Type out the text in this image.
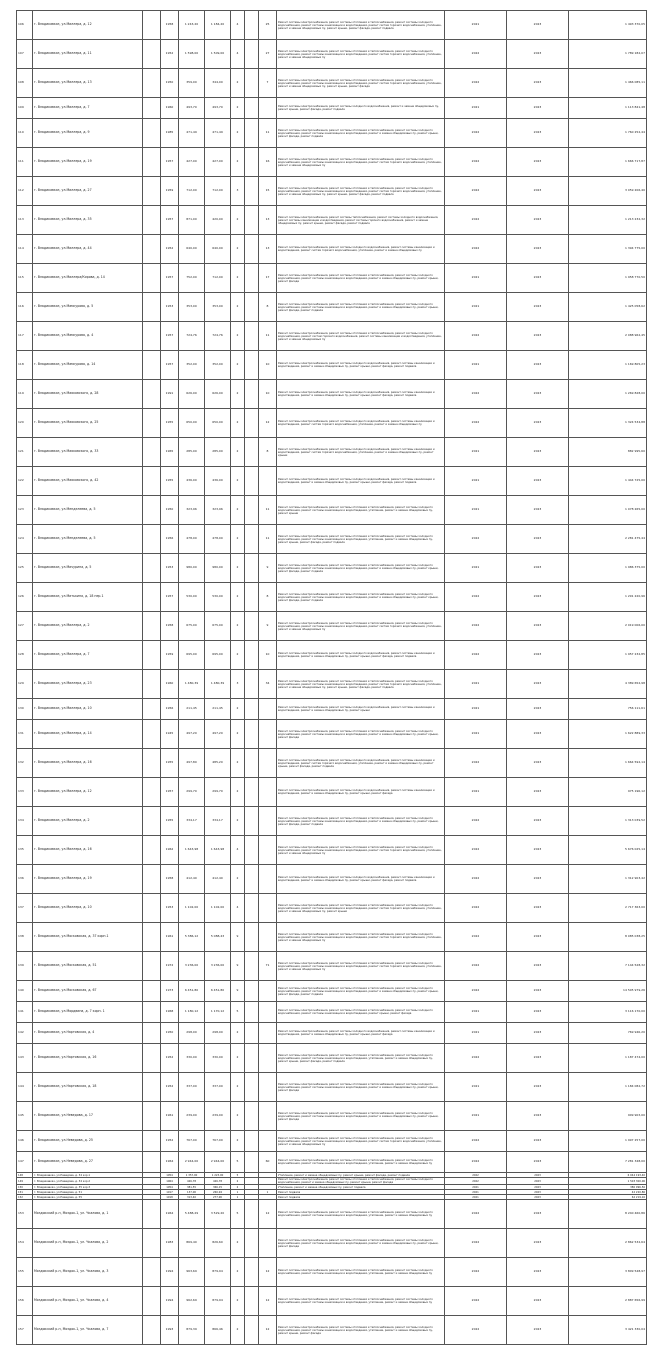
106	г. Владикавказ, ул.Миллера, д. 12		1958	1 243,20	1 184,20	4		25	Ремонт системы электроснабжения, ремонт системы отопления и теплоснабжения, ремонт системы холодного водоснабжения, ремонт системы канализации и водоотведения, ремонт систем горячего водоснабжения, утепление, ремонт и замена общедомовых пу, ремонт крыши, ремонт фасада, ремонт подвала	2021	2023	1 493 370,05
107	г. Владикавказ, ул.Миллера, д. 11		1952	1 598,00	1 509,00	4		27	Ремонт системы электроснабжения, ремонт системы отопления и теплоснабжения, ремонт системы холодного водоснабжения, ремонт системы канализации и водоотведения, ремонт систем горячего водоснабжения, утепление, ремонт и замена общедомовых пу	2022	2023	1 789 182,07
108	г. Владикавказ, ул.Миллера, д. 13		1950	359,00	344,00	2		7	Ремонт системы электроснабжения, ремонт системы отопления и теплоснабжения, ремонт системы холодного водоснабжения, ремонт системы канализации и водоотведения, ремонт систем горячего водоснабжения, утепление, ремонт и замена общедомовых пу, ремонт крыши, ремонт фасада	2022	2023	1 466 085,11
109	г. Владикавказ, ул.Миллера, д. 7		1960	493,70	493,70	2			Ремонт системы электроснабжения, ремонт системы холодного водоснабжения, ремонт и замена общедомовых пу, ремонт крыши, ремонт фасада, ремонт подвала	2021	2023	1 113 841,48
110	г. Владикавказ, ул.Миллера, д. 9		1985	471,49	471,49	2		11	Ремонт системы электроснабжения, ремонт системы отопления и теплоснабжения, ремонт системы холодного водоснабжения, ремонт системы канализации и водоотведения, ремонт и замена общедомовых пу, ремонт крыши, ремонт фасада, ремонт подвала	2022	2023	1 760 252,44
111	г. Владикавказ, ул.Миллера, д. 19		1957	427,00	427,00	2		16	Ремонт системы электроснабжения, ремонт системы отопления и теплоснабжения, ремонт системы холодного водоснабжения, ремонт системы канализации и водоотведения, ремонт систем горячего водоснабжения, утепление, ремонт и замена общедомовых пу	2022	2023	1 666 717,87
112	г. Владикавказ, ул.Миллера, д. 27		1959	712,00	712,00	3		15	Ремонт системы электроснабжения, ремонт системы отопления и теплоснабжения, ремонт системы холодного водоснабжения, ремонт системы канализации и водоотведения, ремонт систем горячего водоснабжения, утепление, ремонт и замена общедомовых пу, ремонт крыши, ремонт фасада, ремонт подвала	2022	2023	3 059 206,40
113	г. Владикавказ, ул.Миллера, д. 35		1957	871,00	420,00	2		13	Ремонт системы электроснабжения, ремонт системы теплоснабжения, ремонт системы холодного водоснабжения, ремонт системы канализации и водоотведения, ремонт системы горячего водоснабжения, ремонт и замена общедомовых пу, ремонт крыши, ремонт фасада, ремонт подвала	2022	2023	1 213 232,32
114	г. Владикавказ, ул.Миллера, д. 44		1952	640,00	640,00	2		13	Ремонт системы электроснабжения, ремонт системы холодного водоснабжения, ремонт системы канализации и водоотведения, ремонт систем горячего водоснабжения, утепление, ремонт и замена общедомовых пу	2022	2023	1 394 775,00
115	г. Владикавказ, ул.Миллера/Кирова, д. 14		1957	752,00	712,00	2		17	Ремонт системы электроснабжения, ремонт системы отопления и теплоснабжения, ремонт системы холодного водоснабжения, ремонт системы канализации и водоотведения, ремонт и замена общедомовых пу, ремонт крыши, ремонт фасада	2021	2023	1 958 770,50
116	г. Владикавказ, ул.Мамсурова, д. 5		1953	353,00	353,00	2		8	Ремонт системы электроснабжения, ремонт системы отопления и теплоснабжения, ремонт системы холодного водоснабжения, ремонт системы канализации и водоотведения, ремонт и замена общедомовых пу, ремонт крыши, ремонт фасада, ремонт подвала	2021	2023	1 425 058,62
117	г. Владикавказ, ул.Мамсурова, д. 4		1957	724,76	724,76	2		11	Ремонт системы электроснабжения, ремонт системы отопления и теплоснабжения, ремонт системы холодного водоснабжения, ремонт систем горячего водоснабжения, ремонт системы канализации и водоотведения, утепление, ремонт и замена общедомовых пу	2022	2023	2 088 962,45
118	г. Владикавказ, ул.Мамсурова, д. 14		1957	352,00	352,00	2		10	Ремонт системы электроснабжения, ремонт системы холодного водоснабжения, ремонт системы канализации и водоотведения, ремонт и замена общедомовых пу, ремонт крыши, ремонт фасада, ремонт подвала	2021	2023	1 169 805,23
119	г. Владикавказ, ул.Маяковского, д. 28		1991	626,00	626,00	2		10	Ремонт системы электроснабжения, ремонт системы холодного водоснабжения, ремонт системы канализации и водоотведения, ремонт и замена общедомовых пу, ремонт крыши, ремонт фасада, ремонт подвала	2022	2023	1 269 828,00
120	г. Владикавказ, ул.Маяковского, д. 25		1955	650,00	650,00	2		12	Ремонт системы электроснабжения, ремонт системы холодного водоснабжения, ремонт системы канализации и водоотведения, ремонт систем горячего водоснабжения, утепление, ремонт и замена общедомовых пу	2022	2023	1 324 534,88
121	г. Владикавказ, ул.Маяковского, д. 33		1965	285,00	285,00	2		8	Ремонт системы электроснабжения, ремонт системы холодного водоснабжения, ремонт системы канализации и водоотведения, ремонт систем горячего водоснабжения, утепление, ремонт и замена общедомовых пу, ремонт крыши	2021	2023	882 995,60
122	г. Владикавказ, ул.Маяковского, д. 42		1955	436,00	436,00	2			Ремонт системы электроснабжения, ремонт системы холодного водоснабжения, ремонт системы канализации и водоотведения, ремонт и замена общедомовых пу, ремонт крыши, ремонт фасада, ремонт подвала	2021	2023	1 444 725,00
123	г. Владикавказ, ул.Менделеева, д. 5		1950	323,96	323,96	2		11	Ремонт системы электроснабжения, ремонт системы отопления и теплоснабжения, ремонт системы холодного водоснабжения, ремонт системы канализации и водоотведения, утепление, ремонт и замена общедомовых пу, ремонт крыши	2021	2023	1 078 265,00
124	г. Владикавказ, ул.Менделеева, д. 5		1956	478,00	478,00	2		11	Ремонт системы электроснабжения, ремонт системы отопления и теплоснабжения, ремонт системы холодного водоснабжения, ремонт системы канализации и водоотведения, утепление, ремонт и замена общедомовых пу, ремонт крыши, ремонт фасада, ремонт подвала	2022	2023	2 281 475,44
125	г. Владикавказ, ул.Мичурина, д. 5		1953	980,00	980,00	2		9	Ремонт системы электроснабжения, ремонт системы отопления и теплоснабжения, ремонт системы холодного водоснабжения, ремонт системы канализации и водоотведения, ремонт и замена общедомовых пу, ремонт крыши, ремонт фасада, ремонт подвала	2021	2023	1 986 375,00
126	г. Владикавказ, ул.Митькина, д. 18 пер.1		1957	530,00	530,00	2		8	Ремонт системы электроснабжения, ремонт системы отопления и теплоснабжения, ремонт системы холодного водоснабжения, ремонт системы канализации и водоотведения, ремонт и замена общедомовых пу, ремонт крыши, ремонт фасада, ремонт подвала	2022	2023	1 291 220,96
127	г. Владикавказ, ул.Миллера, д. 2		1958	675,00	675,00	2		9	Ремонт системы электроснабжения, ремонт системы отопления и теплоснабжения, ремонт системы холодного водоснабжения, ремонт системы канализации и водоотведения, ремонт систем горячего водоснабжения, утепление, ремонт и замена общедомовых пу	2022	2023	2 019 006,00
128	г. Владикавказ, ул.Миллера, д. 7		1959	695,00	695,00	2		10	Ремонт системы электроснабжения, ремонт системы холодного водоснабжения, ремонт системы канализации и водоотведения, ремонт и замена общедомовых пу, ремонт крыши, ремонт фасада, ремонт подвала	2022	2023	1 957 232,85
129	г. Владикавказ, ул.Миллера, д. 23		1960	1 480,39	1 480,39	3		34	Ремонт системы электроснабжения, ремонт системы отопления и теплоснабжения, ремонт системы холодного водоснабжения, ремонт системы канализации и водоотведения, ремонт систем горячего водоснабжения, утепление, ремонт и замена общедомовых пу, ремонт крыши, ремонт фасада, ремонт подвала	2021	2023	4 389 652,98
130	г. Владикавказ, ул.Миллера, д. 10		1956	211,45	211,45	2			Ремонт системы электроснабжения, ремонт системы холодного водоснабжения, ремонт системы канализации и водоотведения, ремонт и замена общедомовых пу, ремонт крыши	2021	2023	756 111,61
131	г. Владикавказ, ул.Миллера, д. 14		1945	497,20	497,20	2			Ремонт системы электроснабжения, ремонт системы отопления и теплоснабжения, ремонт системы холодного водоснабжения, ремонт системы канализации и водоотведения, ремонт и замена общедомовых пу, ремонт крыши, ремонт фасада	2021	2023	1 622 889,33
132	г. Владикавказ, ул.Миллера, д. 16		1955	497,80	485,20	2			Ремонт системы электроснабжения, ремонт системы холодного водоснабжения, ремонт системы канализации и водоотведения, ремонт систем горячего водоснабжения, утепление, ремонт и замена общедомовых пу, ремонт крыши, ремонт фасада, ремонт подвала	2022	2023	1 664 592,14
133	г. Владикавказ, ул.Миллера, д. 12		1957	299,70	299,70	2			Ремонт системы электроснабжения, ремонт системы холодного водоснабжения, ремонт системы канализации и водоотведения, ремонт и замена общедомовых пу, ремонт крыши, ремонт фасада	2021	2023	975 196,12
134	г. Владикавказ, ул.Миллера, д. 2		1955	334,17	334,17	2			Ремонт системы электроснабжения, ремонт системы отопления и теплоснабжения, ремонт системы холодного водоснабжения, ремонт системы канализации и водоотведения, ремонт и замена общедомовых пу, ремонт крыши, ремонт фасада, ремонт подвала	2022	2023	1 313 039,52
135	г. Владикавказ, ул.Миллера, д. 16		1962	1 643,98	1 643,98	4			Ремонт системы электроснабжения, ремонт системы отопления и теплоснабжения, ремонт системы холодного водоснабжения, ремонт системы канализации и водоотведения, ремонт систем горячего водоснабжения, утепление, ремонт и замена общедомовых пу	2022	2023	5 676 025,14
136	г. Владикавказ, ул.Миллера, д. 19		1958	412,40	412,40	2			Ремонт системы электроснабжения, ремонт системы холодного водоснабжения, ремонт системы канализации и водоотведения, ремонт и замена общедомовых пу, ремонт крыши, ремонт фасада, ремонт подвала	2022	2023	1 312 903,42
137	г. Владикавказ, ул.Миллера, д. 10		1953	1 102,00	1 102,00	4			Ремонт системы электроснабжения, ремонт системы отопления и теплоснабжения, ремонт системы холодного водоснабжения, ремонт системы канализации и водоотведения, ремонт систем горячего водоснабжения, утепление, ремонт и замена общедомовых пу, ремонт крыши	2022	2023	2 717 363,00
138	г. Владикавказ, ул.Московская, д. 37 корп.1		1961	5 386,12	5 088,43	9			Ремонт системы электроснабжения, ремонт системы отопления и теплоснабжения, ремонт системы холодного водоснабжения, ремонт системы канализации и водоотведения, ремонт систем горячего водоснабжения, утепление, ремонт и замена общедомовых пу	2022	2023	8 085 038,25
139	г. Владикавказ, ул.Московская, д. 51		1972	3 236,00	3 236,00	9		71	Ремонт системы электроснабжения, ремонт системы отопления и теплоснабжения, ремонт системы холодного водоснабжения, ремонт системы канализации и водоотведения, ремонт систем горячего водоснабжения, утепление, ремонт и замена общедомовых пу	2022	2023	7 144 528,32
140	г. Владикавказ, ул.Московская, д. 67		1973	6 451,80	6 451,80	9			Ремонт системы электроснабжения, ремонт системы отопления и теплоснабжения, ремонт системы холодного водоснабжения, ремонт системы канализации и водоотведения, ремонт и замена общедомовых пу, ремонт крыши, ремонт фасада, ремонт подвала	2022	2023	14 505 979,26
141	г. Владикавказ, ул.Мордвина, д. 7 корп. 1		1968	1 180,12	1 170,12	5			Ремонт системы электроснабжения, ремонт системы отопления и теплоснабжения, ремонт системы холодного водоснабжения, ремонт системы канализации и водоотведения, ремонт крыши, ремонт фасада	2021	2023	3 116 170,00
142	г. Владикавказ, ул.Нартовская, д. 4		1950	298,00	298,00	2			Ремонт системы электроснабжения, ремонт системы холодного водоснабжения, ремонт системы канализации и водоотведения, ремонт и замена общедомовых пу, ремонт крыши, ремонт фасада	2021	2023	769 946,20
143	г. Владикавказ, ул.Нартовская, д. 16		1952	330,00	330,00	2			Ремонт системы электроснабжения, ремонт системы отопления и теплоснабжения, ремонт системы холодного водоснабжения, ремонт системы канализации и водоотведения, утепление, ремонт и замена общедомовых пу, ремонт крыши, ремонт фасада, ремонт подвала	2022	2023	1 187 474,00
144	г. Владикавказ, ул.Нартовская, д. 18		1952	337,00	337,00	2			Ремонт системы электроснабжения, ремонт системы отопления и теплоснабжения, ремонт системы холодного водоснабжения, ремонт системы канализации и водоотведения, ремонт и замена общедомовых пу, ремонт крыши, ремонт фасада	2021	2023	1 184 082,72
145	г. Владикавказ, ул.Неведова, д. 17		1961	239,00	239,00	2			Ремонт системы электроснабжения, ремонт системы отопления и теплоснабжения, ремонт системы холодного водоснабжения, ремонт системы канализации и водоотведения, ремонт и замена общедомовых пу, ремонт крыши, ремонт фасада	2021	2023	909 903,00
146	г. Владикавказ, ул.Неведова, д. 25		1952	767,00	767,00	2			Ремонт системы электроснабжения, ремонт системы отопления и теплоснабжения, ремонт системы холодного водоснабжения, ремонт системы канализации и водоотведения, ремонт систем горячего водоснабжения, утепление, ремонт и замена общедомовых пу	2022	2023	1 997 257,00
147	г. Владикавказ, ул.Неведова, д. 27		1964	2 944,00	2 944,00	5		60	Ремонт системы электроснабжения, ремонт системы отопления и теплоснабжения, ремонт системы холодного водоснабжения, ремонт системы канализации и водоотведения, утепление, ремонт и замена общедомовых пу	2022	2023	7 281 348,00
148	г. Владикавказ, ул.Неведова, д. 34 кор.1		1954	1 357,00	1 223,00	5			Утепление, ремонт и замена общедомовых пу, ремонт крыши, ремонт фасада, ремонт подвала	2022	2023	6 044 193,40
149	г. Владикавказ, ул.Неведова, д. 34 кор.2		1964	426,78	426,78	2			Ремонт системы электроснабжения, ремонт системы отопления и теплоснабжения, ремонт системы холодного водоснабжения, ремонт и замена общедомовых пу, ремонт крыши, ремонт фасада	2022	2023	1 503 300,06
150	г. Владикавказ, ул.Неведова, д. 35 кор.3		1954	381,55	366,15	2			Утепление, ремонт и замена общедомовых пу, ремонт подвала	2021	2023	380 996,56
151	г. Владикавказ, ул.Неведова, д. 51		1917	137,00	260,94	1		1	Ремонт подвала	2021	2023	42 220,86
152	г. Владикавказ, ул.Неведова, д. 55		1918	313,40	277,90	1			Ремонт подвала	2021	2023	62 219,16
153	Моздокский р-н, Моздок-1, ул. Чкалова, д. 1		1964	5 488,29	3 529,20	5		12	Ремонт системы электроснабжения, ремонт системы отопления и теплоснабжения, ремонт системы холодного водоснабжения, ремонт системы канализации и водоотведения, утепление, ремонт и замена общедомовых пу	2022	2023	8 240 460,86
154	Моздокский р-н, Моздок-1, ул. Чкалова, д. 2		1983	869,40	826,60	2			Ремонт системы электроснабжения, ремонт системы отопления и теплоснабжения, ремонт системы холодного водоснабжения, ремонт системы канализации и водоотведения, ремонт и замена общедомовых пу, ремонт крыши, ремонт фасада	2022	2023	2 862 532,64
155	Моздокский р-н, Моздок-1, ул. Чкалова, д. 3		1994	963,69	879,94	2		12	Ремонт системы электроснабжения, ремонт системы отопления и теплоснабжения, ремонт системы холодного водоснабжения, ремонт системы канализации и водоотведения, утепление, ремонт и замена общедомовых пу	2022	2023	3 809 548,97
156	Моздокский р-н, Моздок-1, ул. Чкалова, д. 4		1994	962,69	879,94	2		12	Ремонт системы электроснабжения, ремонт системы отопления и теплоснабжения, ремонт системы холодного водоснабжения, ремонт системы канализации и водоотведения, утепление, ремонт и замена общедомовых пу	2022	2023	2 887 656,99
157	Моздокский р-н, Моздок-1, ул. Чкалова, д. 7		1993	879,39	866,46	2		12	Ремонт системы электроснабжения, ремонт системы отопления и теплоснабжения, ремонт системы холодного водоснабжения, ремонт системы канализации и водоотведения, утепление, ремонт и замена общедомовых пу, ремонт крыши, ремонт фасада	2022	2023	3 421 330,04
